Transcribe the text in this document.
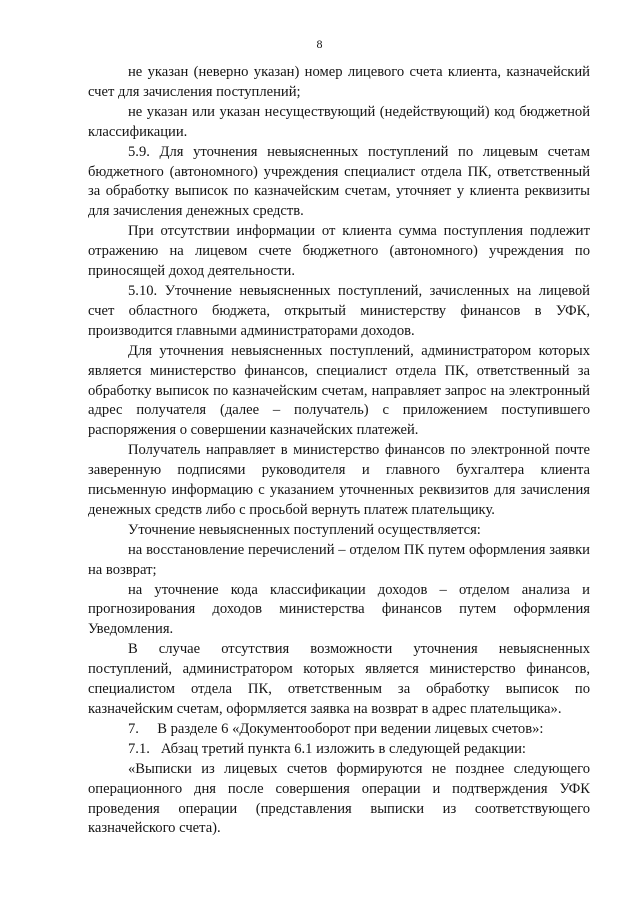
8

не указан (неверно указан) номер лицевого счета клиента, казначейский счет для зачисления поступлений;

не указан или указан несуществующий (недействующий) код бюджетной классификации.

5.9. Для уточнения невыясненных поступлений по лицевым счетам бюджетного (автономного) учреждения специалист отдела ПК, ответственный за обработку выписок по казначейским счетам, уточняет у клиента реквизиты для зачисления денежных средств.

При отсутствии информации от клиента сумма поступления подлежит отражению на лицевом счете бюджетного (автономного) учреждения по приносящей доход деятельности.

5.10. Уточнение невыясненных поступлений, зачисленных на лицевой счет областного бюджета, открытый министерству финансов в УФК, производится главными администраторами доходов.

Для уточнения невыясненных поступлений, администратором которых является министерство финансов, специалист отдела ПК, ответственный за обработку выписок по казначейским счетам, направляет запрос на электронный адрес получателя (далее – получатель) с приложением поступившего распоряжения о совершении казначейских платежей.

Получатель направляет в министерство финансов по электронной почте заверенную подписями руководителя и главного бухгалтера клиента письменную информацию с указанием уточненных реквизитов для зачисления денежных средств либо с просьбой вернуть платеж плательщику.

Уточнение невыясненных поступлений осуществляется:

на восстановление перечислений – отделом ПК путем оформления заявки на возврат;

на уточнение кода классификации доходов – отделом анализа и прогнозирования доходов министерства финансов путем оформления Уведомления.

В случае отсутствия возможности уточнения невыясненных поступлений, администратором которых является министерство финансов, специалистом отдела ПК, ответственным за обработку выписок по казначейским счетам, оформляется заявка на возврат в адрес плательщика».

7.     В разделе 6 «Документооборот при ведении лицевых счетов»:

7.1.   Абзац третий пункта 6.1 изложить в следующей редакции:

«Выписки из лицевых счетов формируются не позднее следующего операционного дня после совершения операции и подтверждения УФК проведения операции (представления выписки из соответствующего казначейского счета).
